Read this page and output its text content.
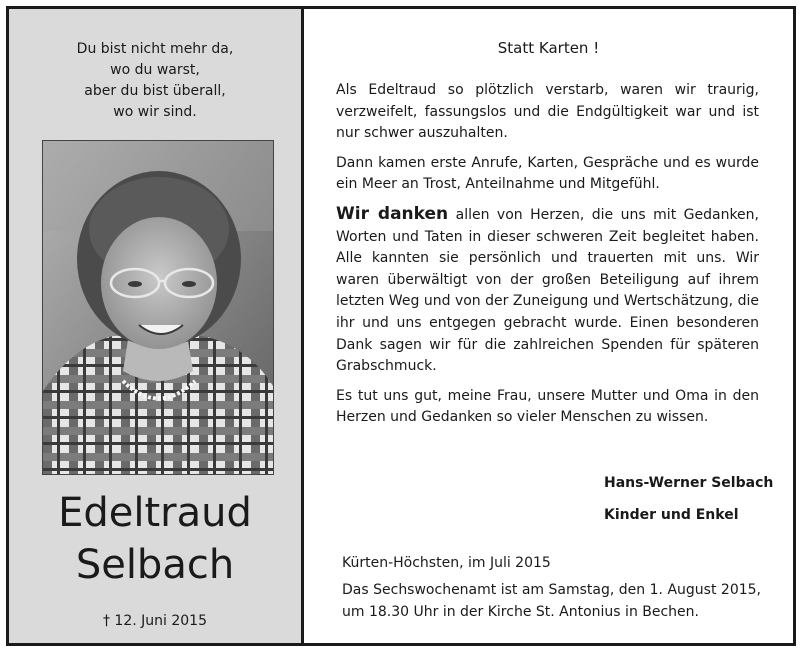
Du bist nicht mehr da,
wo du warst,
aber du bist überall,
wo wir sind.
Edeltraud
Selbach
† 12. Juni 2015
Statt Karten !

Als Edeltraud so plötzlich verstarb, waren wir traurig, verzweifelt, fassungslos und die Endgültigkeit war und ist nur schwer auszuhalten.

Dann kamen erste Anrufe, Karten, Gespräche und es wurde ein Meer an Trost, Anteilnahme und Mitgefühl.

Wir danken allen von Herzen, die uns mit Gedanken, Worten und Taten in dieser schweren Zeit begleitet haben. Alle kannten sie persönlich und trauerten mit uns. Wir waren überwältigt von der großen Beteiligung auf ihrem letzten Weg und von der Zuneigung und Wertschätzung, die ihr und uns entgegen gebracht wurde. Einen besonderen Dank sagen wir für die zahlreichen Spenden für späteren Grabschmuck.

Es tut uns gut, meine Frau, unsere Mutter und Oma in den Herzen und Gedanken so vieler Menschen zu wissen.

Hans-Werner Selbach
Kinder und Enkel
Kürten-Höchsten, im Juli 2015
Das Sechswochenamt ist am Samstag, den 1. August 2015, um 18.30 Uhr in der Kirche St. Antonius in Bechen.
